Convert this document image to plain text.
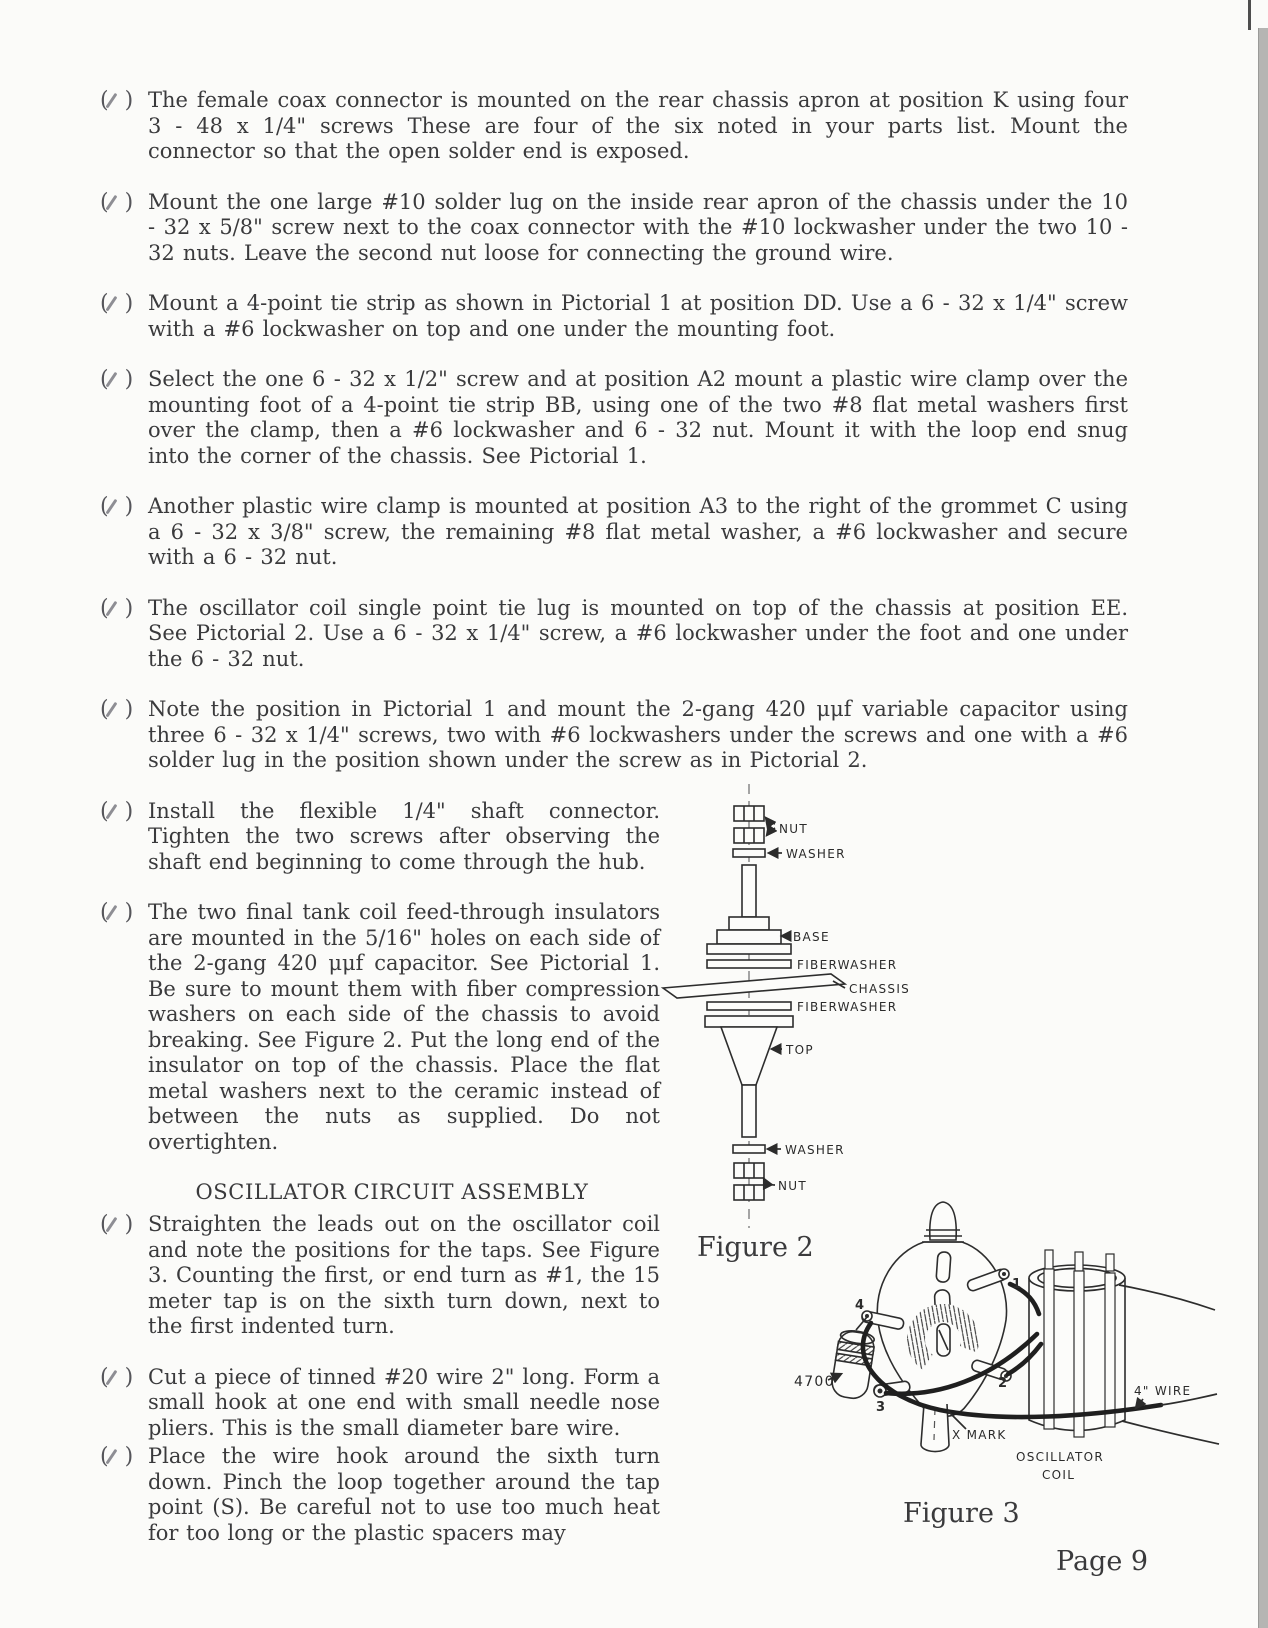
( ) The female coax connector is mounted on the rear chassis apron at position K using four 3 - 48 x 1/4" screws These are four of the six noted in your parts list. Mount the connector so that the open solder end is exposed.

( ) Mount the one large #10 solder lug on the inside rear apron of the chassis under the 10 - 32 x 5/8" screw next to the coax connector with the #10 lockwasher under the two 10 - 32 nuts. Leave the second nut loose for connecting the ground wire.

( ) Mount a 4-point tie strip as shown in Pictorial 1 at position DD. Use a 6 - 32 x 1/4" screw with a #6 lockwasher on top and one under the mounting foot.

( ) Select the one 6 - 32 x 1/2" screw and at position A2 mount a plastic wire clamp over the mounting foot of a 4-point tie strip BB, using one of the two #8 flat metal washers first over the clamp, then a #6 lockwasher and 6 - 32 nut. Mount it with the loop end snug into the corner of the chassis. See Pictorial 1.

( ) Another plastic wire clamp is mounted at position A3 to the right of the grommet C using a 6 - 32 x 3/8" screw, the remaining #8 flat metal washer, a #6 lockwasher and secure with a 6 - 32 nut.

( ) The oscillator coil single point tie lug is mounted on top of the chassis at position EE. See Pictorial 2. Use a 6 - 32 x 1/4" screw, a #6 lockwasher under the foot and one under the 6 - 32 nut.

( ) Note the position in Pictorial 1 and mount the 2-gang 420 μμf variable capacitor using three 6 - 32 x 1/4" screws, two with #6 lockwashers under the screws and one with a #6 solder lug in the position shown under the screw as in Pictorial 2.

( ) Install the flexible 1/4" shaft connector. Tighten the two screws after observing the shaft end beginning to come through the hub.

( ) The two final tank coil feed-through insulators are mounted in the 5/16" holes on each side of the 2-gang 420 μμf capacitor. See Pictorial 1. Be sure to mount them with fiber compression washers on each side of the chassis to avoid breaking. See Figure 2. Put the long end of the insulator on top of the chassis. Place the flat metal washers next to the ceramic instead of between the nuts as supplied. Do not overtighten.

OSCILLATOR CIRCUIT ASSEMBLY
( ) Straighten the leads out on the oscillator coil and note the positions for the taps. See Figure 3. Counting the first, or end turn as #1, the 15 meter tap is on the sixth turn down, next to the first indented turn.

( ) Cut a piece of tinned #20 wire 2" long. Form a small hook at one end with small needle nose pliers. This is the small diameter bare wire.

( ) Place the wire hook around the sixth turn down. Pinch the loop together around the tap point (S). Be careful not to use too much heat for too long or the plastic spacers may

NUT
WASHER
BASE
FIBERWASHER
CHASSIS
FIBERWASHER
TOP
WASHER
NUT
Figure 2
4700
1
2
3
4
X MARK
OSCILLATOR
COIL
4" WIRE
Figure 3
Page 9
